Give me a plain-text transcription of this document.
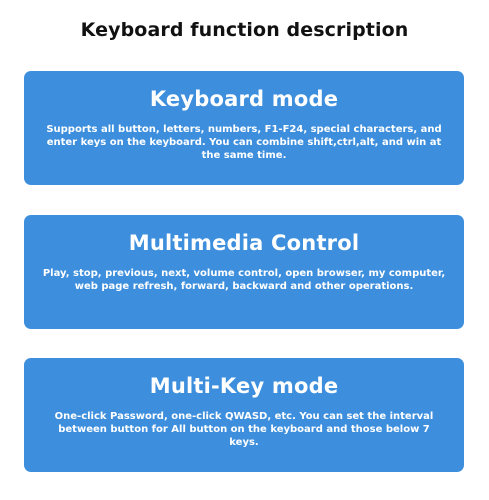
Keyboard function description
Keyboard mode
Supports all button, letters, numbers, F1-F24, special characters, and enter keys on the keyboard. You can combine shift,ctrl,alt, and win at the same time.
Multimedia Control
Play, stop, previous, next, volume control, open browser, my computer, web page refresh, forward, backward and other operations.
Multi-Key mode
One-click Password, one-click QWASD, etc. You can set the interval between button for All button on the keyboard and those below 7 keys.
